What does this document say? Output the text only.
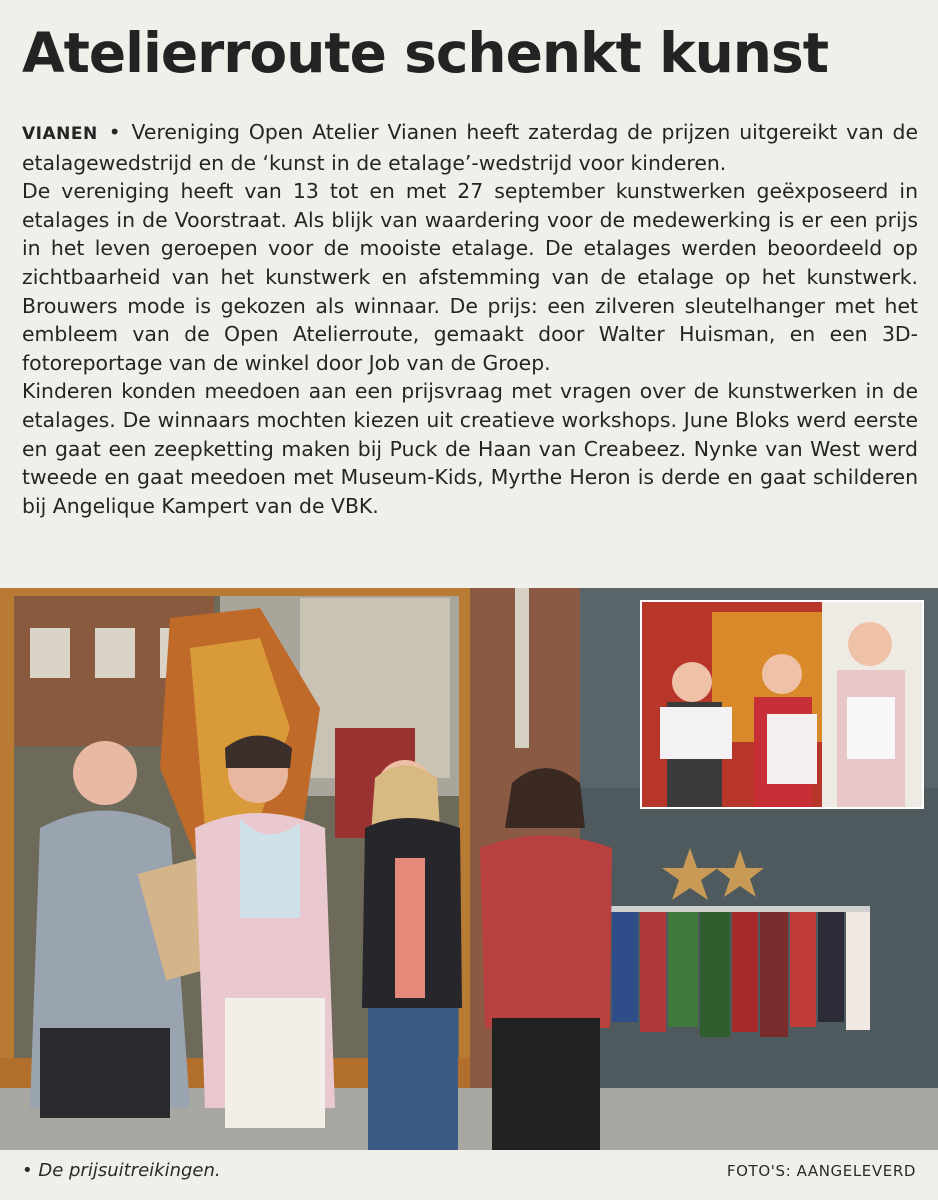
Atelierroute schenkt kunst

VIANEN • Vereniging Open Atelier Vianen heeft zaterdag de prijzen uitgereikt van de etalagewedstrijd en de ‘kunst in de etalage’-wedstrijd voor kinderen.

De vereniging heeft van 13 tot en met 27 september kunstwerken geëxposeerd in etalages in de Voorstraat. Als blijk van waardering voor de medewerking is er een prijs in het leven geroepen voor de mooiste etalage. De etalages werden beoordeeld op zichtbaarheid van het kunstwerk en afstemming van de etalage op het kunstwerk. Brouwers mode is gekozen als winnaar. De prijs: een zilveren sleutelhanger met het embleem van de Open Atelierroute, gemaakt door Walter Huisman, en een 3D-fotoreportage van de winkel door Job van de Groep.

Kinderen konden meedoen aan een prijsvraag met vragen over de kunstwerken in de etalages. De winnaars mochten kiezen uit creatieve workshops. June Bloks werd eerste en gaat een zeepketting maken bij Puck de Haan van Creabeez. Nynke van West werd tweede en gaat meedoen met Museum-Kids, Myrthe Heron is derde en gaat schilderen bij Angelique Kampert van de VBK.

• De prijsuitreikingen.	FOTO'S: AANGELEVERD
